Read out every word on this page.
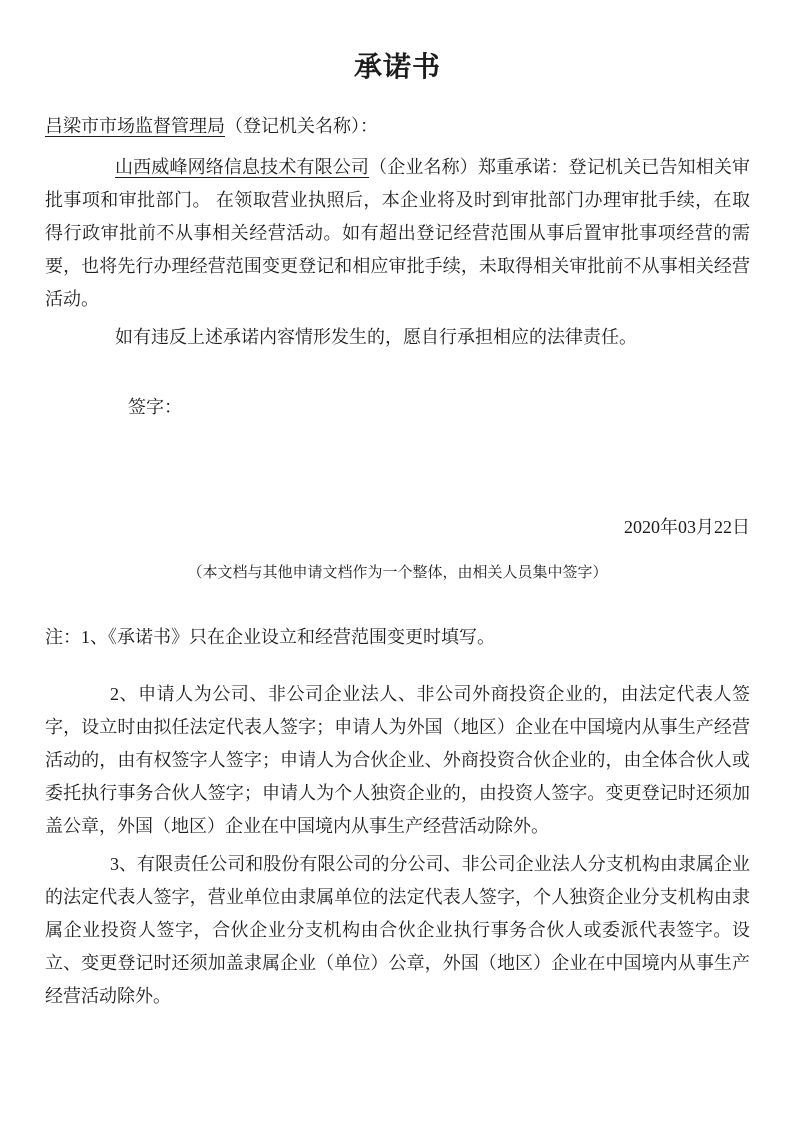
承诺书

吕梁市市场监督管理局（登记机关名称）：

山西威峰网络信息技术有限公司（企业名称）郑重承诺：登记机关已告知相关审批事项和审批部门。 在领取营业执照后，本企业将及时到审批部门办理审批手续，在取得行政审批前不从事相关经营活动。如有超出登记经营范围从事后置审批事项经营的需要，也将先行办理经营范围变更登记和相应审批手续，未取得相关审批前不从事相关经营活动。

如有违反上述承诺内容情形发生的，愿自行承担相应的法律责任。

签字：

2020年03月22日

（本文档与其他申请文档作为一个整体，由相关人员集中签字）

注：1、《承诺书》只在企业设立和经营范围变更时填写。

2、申请人为公司、非公司企业法人、非公司外商投资企业的，由法定代表人签字，设立时由拟任法定代表人签字；申请人为外国（地区）企业在中国境内从事生产经营活动的，由有权签字人签字；申请人为合伙企业、外商投资合伙企业的，由全体合伙人或委托执行事务合伙人签字；申请人为个人独资企业的，由投资人签字。变更登记时还须加盖公章，外国（地区）企业在中国境内从事生产经营活动除外。

3、有限责任公司和股份有限公司的分公司、非公司企业法人分支机构由隶属企业的法定代表人签字，营业单位由隶属单位的法定代表人签字，个人独资企业分支机构由隶属企业投资人签字，合伙企业分支机构由合伙企业执行事务合伙人或委派代表签字。设立、变更登记时还须加盖隶属企业（单位）公章，外国（地区）企业在中国境内从事生产经营活动除外。
